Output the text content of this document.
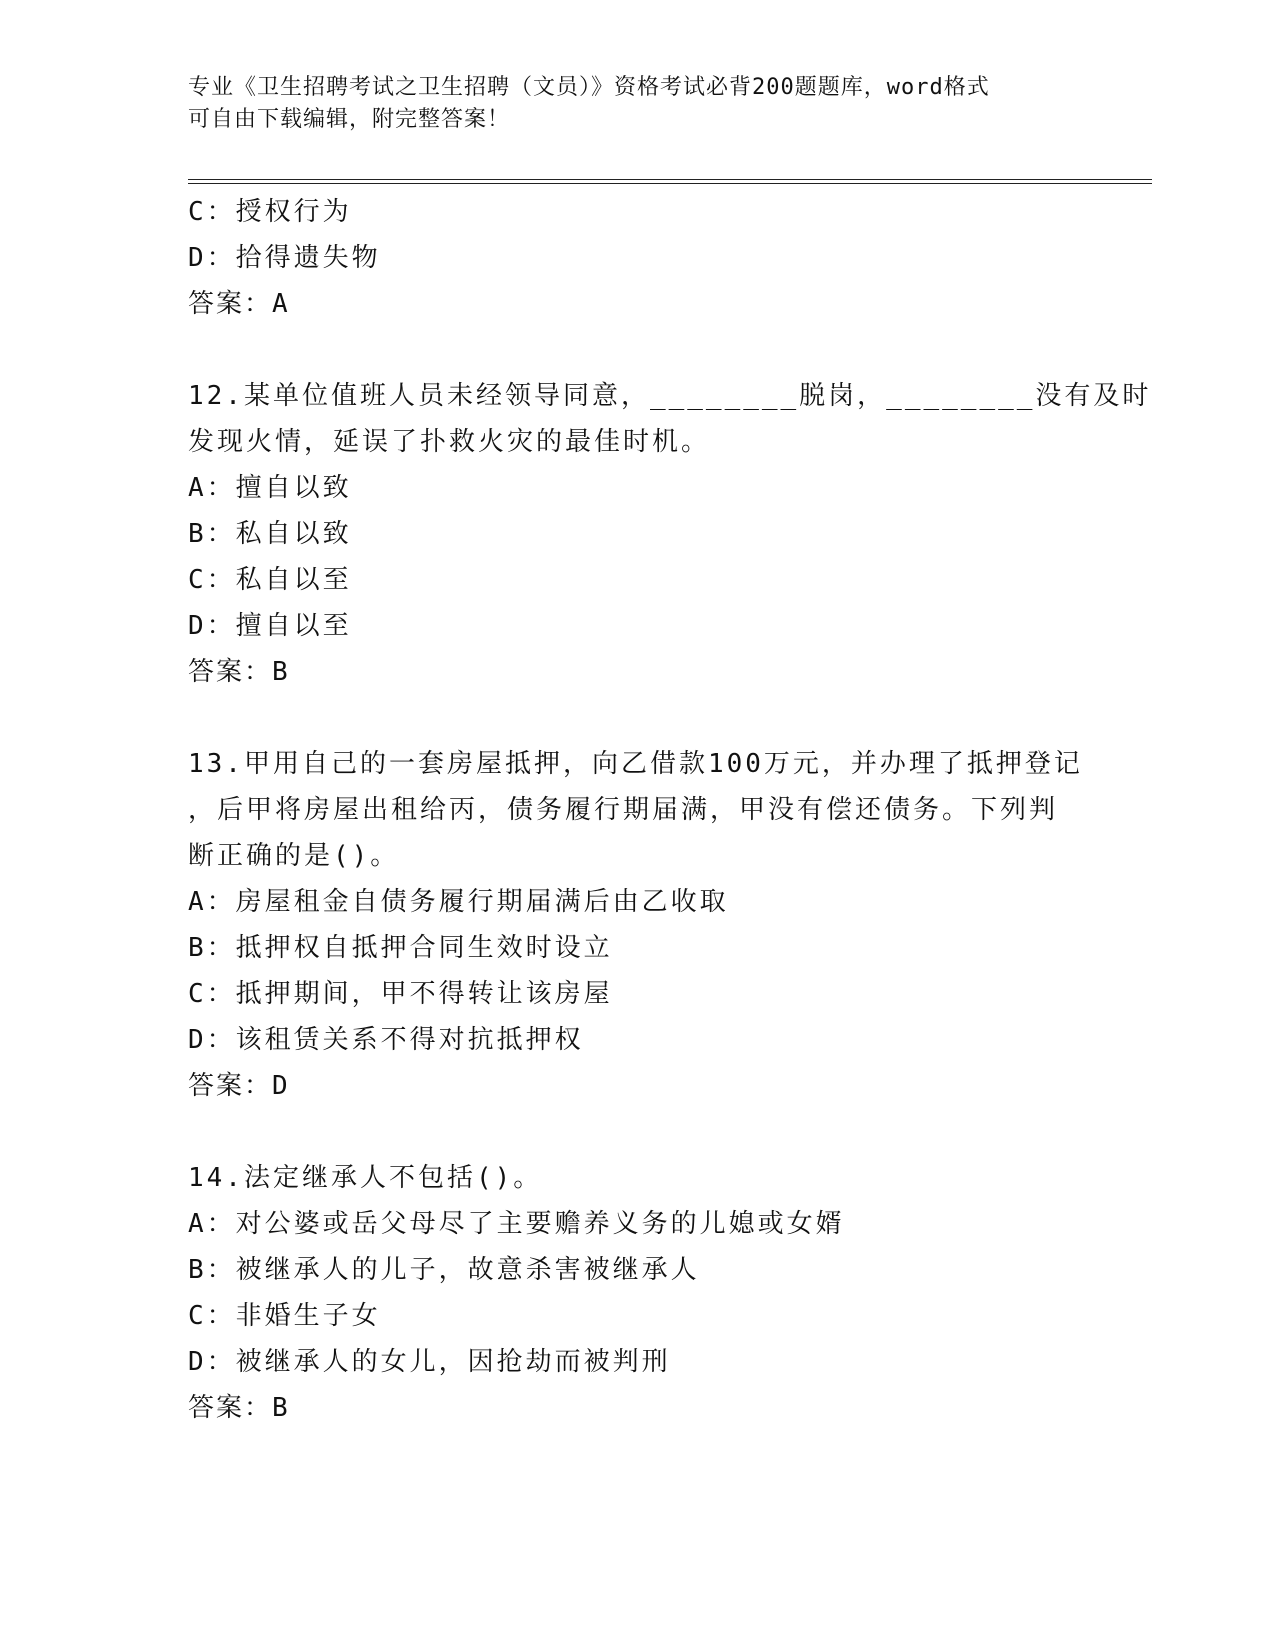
专业《卫生招聘考试之卫生招聘（文员）》资格考试必背200题题库，word格式
可自由下载编辑，附完整答案！
C：授权行为
D：拾得遗失物
答案：A
12.某单位值班人员未经领导同意，________脱岗，________没有及时
发现火情，延误了扑救火灾的最佳时机。
A：擅自以致
B：私自以致
C：私自以至
D：擅自以至
答案：B
13.甲用自己的一套房屋抵押，向乙借款100万元，并办理了抵押登记
，后甲将房屋出租给丙，债务履行期届满，甲没有偿还债务。下列判
断正确的是()。
A：房屋租金自债务履行期届满后由乙收取
B：抵押权自抵押合同生效时设立
C：抵押期间，甲不得转让该房屋
D：该租赁关系不得对抗抵押权
答案：D
14.法定继承人不包括()。
A：对公婆或岳父母尽了主要赡养义务的儿媳或女婿
B：被继承人的儿子，故意杀害被继承人
C：非婚生子女
D：被继承人的女儿，因抢劫而被判刑
答案：B
